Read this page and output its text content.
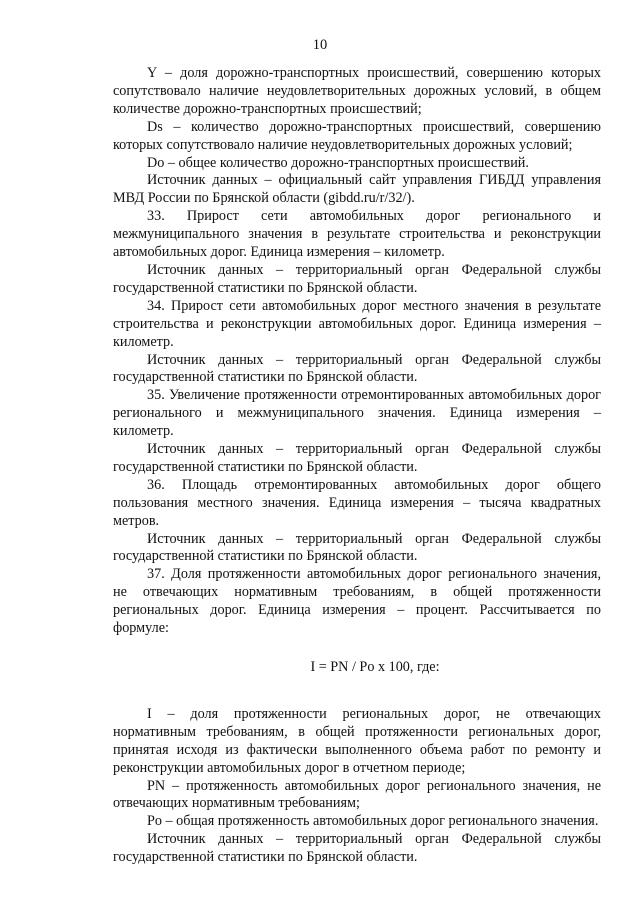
10

Y – доля дорожно-транспортных происшествий, совершению которых сопутствовало наличие неудовлетворительных дорожных условий, в общем количестве дорожно-транспортных происшествий;

Ds – количество дорожно-транспортных происшествий, совершению которых сопутствовало наличие неудовлетворительных дорожных условий;

Do – общее количество дорожно-транспортных происшествий.

Источник данных – официальный сайт управления ГИБДД управления МВД России по Брянской области (gibdd.ru/r/32/).

33. Прирост сети автомобильных дорог регионального и межмуниципального значения в результате строительства и реконструкции автомобильных дорог. Единица измерения – километр.

Источник данных – территориальный орган Федеральной службы государственной статистики по Брянской области.

34. Прирост сети автомобильных дорог местного значения в результате строительства и реконструкции автомобильных дорог. Единица измерения – километр.

Источник данных – территориальный орган Федеральной службы государственной статистики по Брянской области.

35. Увеличение протяженности отремонтированных автомобильных дорог регионального и межмуниципального значения. Единица измерения – километр.

Источник данных – территориальный орган Федеральной службы государственной статистики по Брянской области.

36. Площадь отремонтированных автомобильных дорог общего пользования местного значения. Единица измерения – тысяча квадратных метров.

Источник данных – территориальный орган Федеральной службы государственной статистики по Брянской области.

37. Доля протяженности автомобильных дорог регионального значения, не отвечающих нормативным требованиям, в общей протяженности региональных дорог. Единица измерения – процент. Рассчитывается по формуле:

I = PN / Po x 100, где:

I – доля протяженности региональных дорог, не отвечающих нормативным требованиям, в общей протяженности региональных дорог, принятая исходя из фактически выполненного объема работ по ремонту и реконструкции автомобильных дорог в отчетном периоде;

PN – протяженность автомобильных дорог регионального значения, не отвечающих нормативным требованиям;

Po – общая протяженность автомобильных дорог регионального значения.

Источник данных – территориальный орган Федеральной службы государственной статистики по Брянской области.
